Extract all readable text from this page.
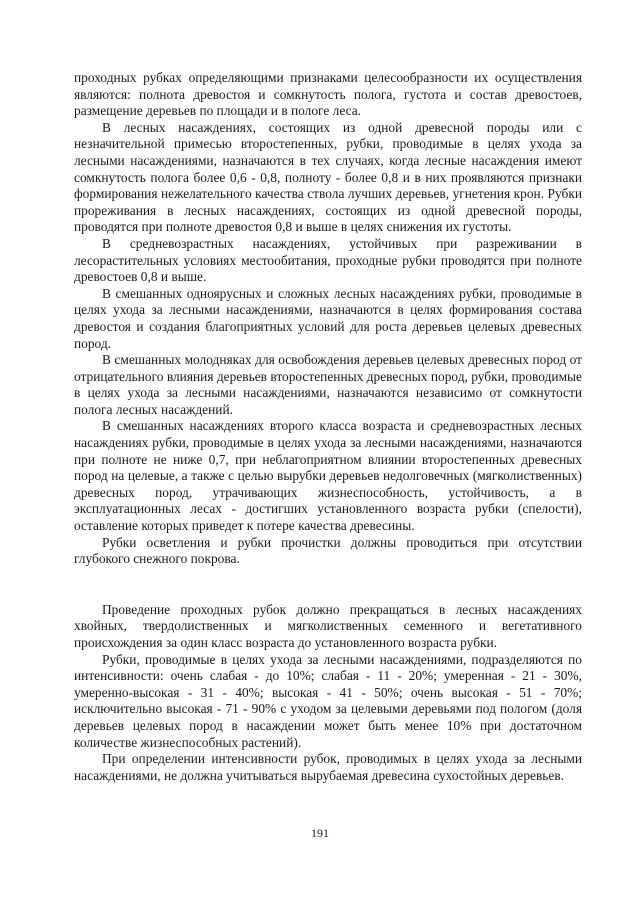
проходных рубках определяющими признаками целесообразности их осуществления являются: полнота древостоя и сомкнутость полога, густота и состав древостоев, размещение деревьев по площади и в пологе леса.

В лесных насаждениях, состоящих из одной древесной породы или с незначительной примесью второстепенных, рубки, проводимые в целях ухода за лесными насаждениями, назначаются в тех случаях, когда лесные насаждения имеют сомкнутость полога более 0,6 - 0,8, полноту - более 0,8 и в них проявляются признаки формирования нежелательного качества ствола лучших деревьев, угнетения крон. Рубки прореживания в лесных насаждениях, состоящих из одной древесной породы, проводятся при полноте древостоя 0,8 и выше в целях снижения их густоты.

В средневозрастных насаждениях, устойчивых при разреживании в лесорастительных условиях местообитания, проходные рубки проводятся при полноте древостоев 0,8 и выше.

В смешанных одноярусных и сложных лесных насаждениях рубки, проводимые в целях ухода за лесными насаждениями, назначаются в целях формирования состава древостоя и создания благоприятных условий для роста деревьев целевых древесных пород.

В смешанных молодняках для освобождения деревьев целевых древесных пород от отрицательного влияния деревьев второстепенных древесных пород, рубки, проводимые в целях ухода за лесными насаждениями, назначаются независимо от сомкнутости полога лесных насаждений.

В смешанных насаждениях второго класса возраста и средневозрастных лесных насаждениях рубки, проводимые в целях ухода за лесными насаждениями, назначаются при полноте не ниже 0,7, при неблагоприятном влиянии второстепенных древесных пород на целевые, а также с целью вырубки деревьев недолговечных (мягколиственных) древесных пород, утрачивающих жизнеспособность, устойчивость, а в эксплуатационных лесах - достигших установленного возраста рубки (спелости), оставление которых приведет к потере качества древесины.

Рубки осветления и рубки прочистки должны проводиться при отсутствии глубокого снежного покрова.

Проведение проходных рубок должно прекращаться в лесных насаждениях хвойных, твердолиственных и мягколиственных семенного и вегетативного происхождения за один класс возраста до установленного возраста рубки.

Рубки, проводимые в целях ухода за лесными насаждениями, подразделяются по интенсивности: очень слабая - до 10%; слабая - 11 - 20%; умеренная - 21 - 30%, умеренно-высокая - 31 - 40%; высокая - 41 - 50%; очень высокая - 51 - 70%; исключительно высокая - 71 - 90% с уходом за целевыми деревьями под пологом (доля деревьев целевых пород в насаждении может быть менее 10% при достаточном количестве жизнеспособных растений).

При определении интенсивности рубок, проводимых в целях ухода за лесными насаждениями, не должна учитываться вырубаемая древесина сухостойных деревьев.

191
